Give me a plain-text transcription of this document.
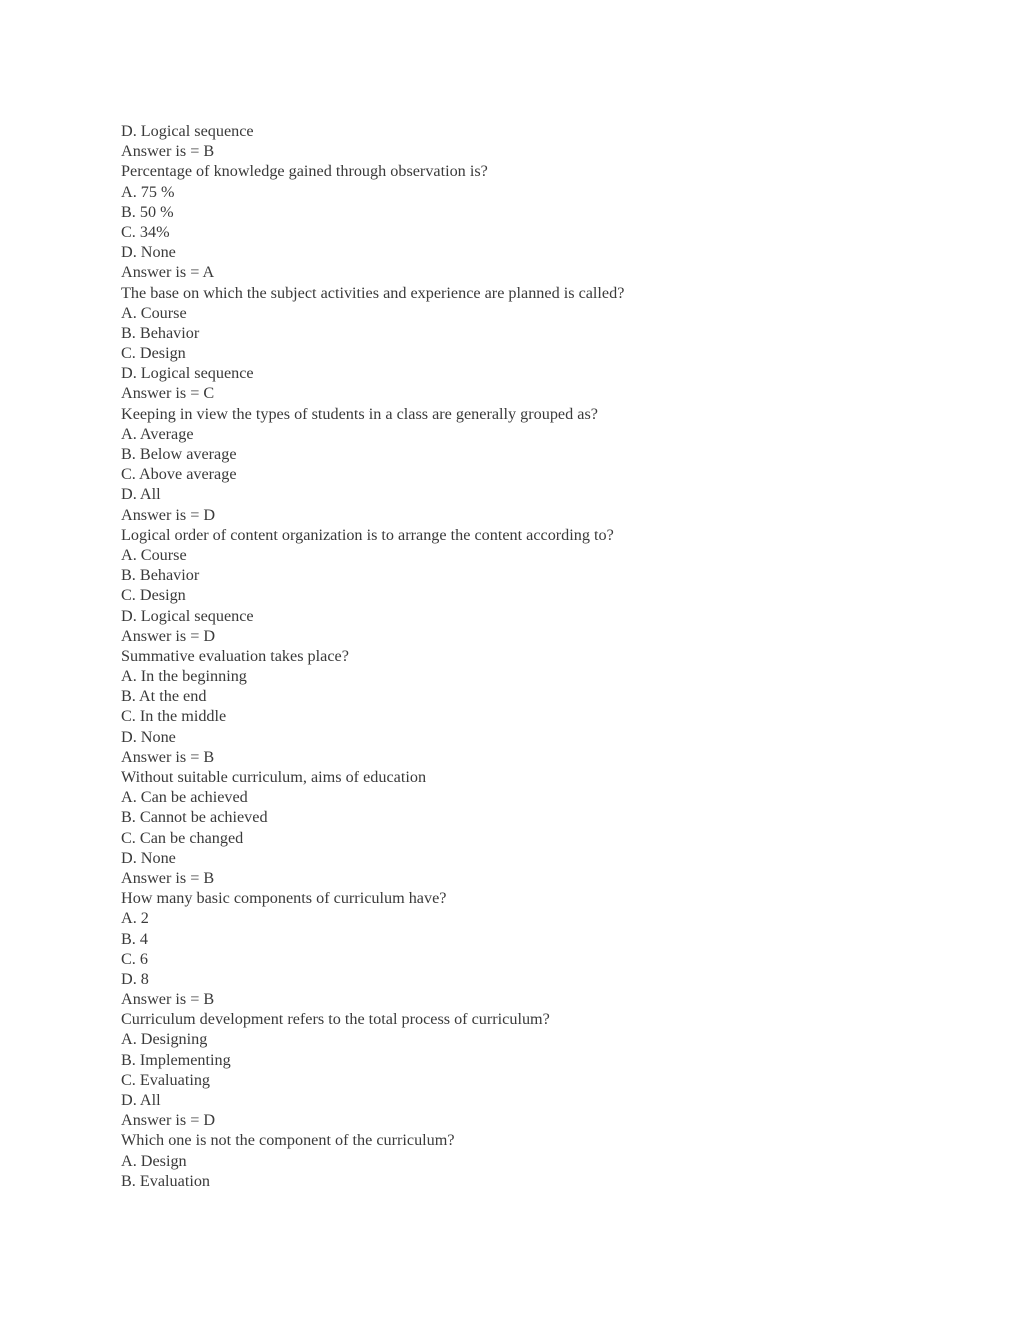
D. Logical sequence
Answer is = B
Percentage of knowledge gained through observation is?
A. 75 %
B. 50 %
C. 34%
D. None
Answer is = A
The base on which the subject activities and experience are planned is called?
A. Course
B. Behavior
C. Design
D. Logical sequence
Answer is = C
Keeping in view the types of students in a class are generally grouped as?
A. Average
B. Below average
C. Above average
D. All
Answer is = D
Logical order of content organization is to arrange the content according to?
A. Course
B. Behavior
C. Design
D. Logical sequence
Answer is = D
Summative evaluation takes place?
A. In the beginning
B. At the end
C. In the middle
D. None
Answer is = B
Without suitable curriculum, aims of education
A. Can be achieved
B. Cannot be achieved
C. Can be changed
D. None
Answer is = B
How many basic components of curriculum have?
A. 2
B. 4
C. 6
D. 8
Answer is = B
Curriculum development refers to the total process of curriculum?
A. Designing
B. Implementing
C. Evaluating
D. All
Answer is = D
Which one is not the component of the curriculum?
A. Design
B. Evaluation
